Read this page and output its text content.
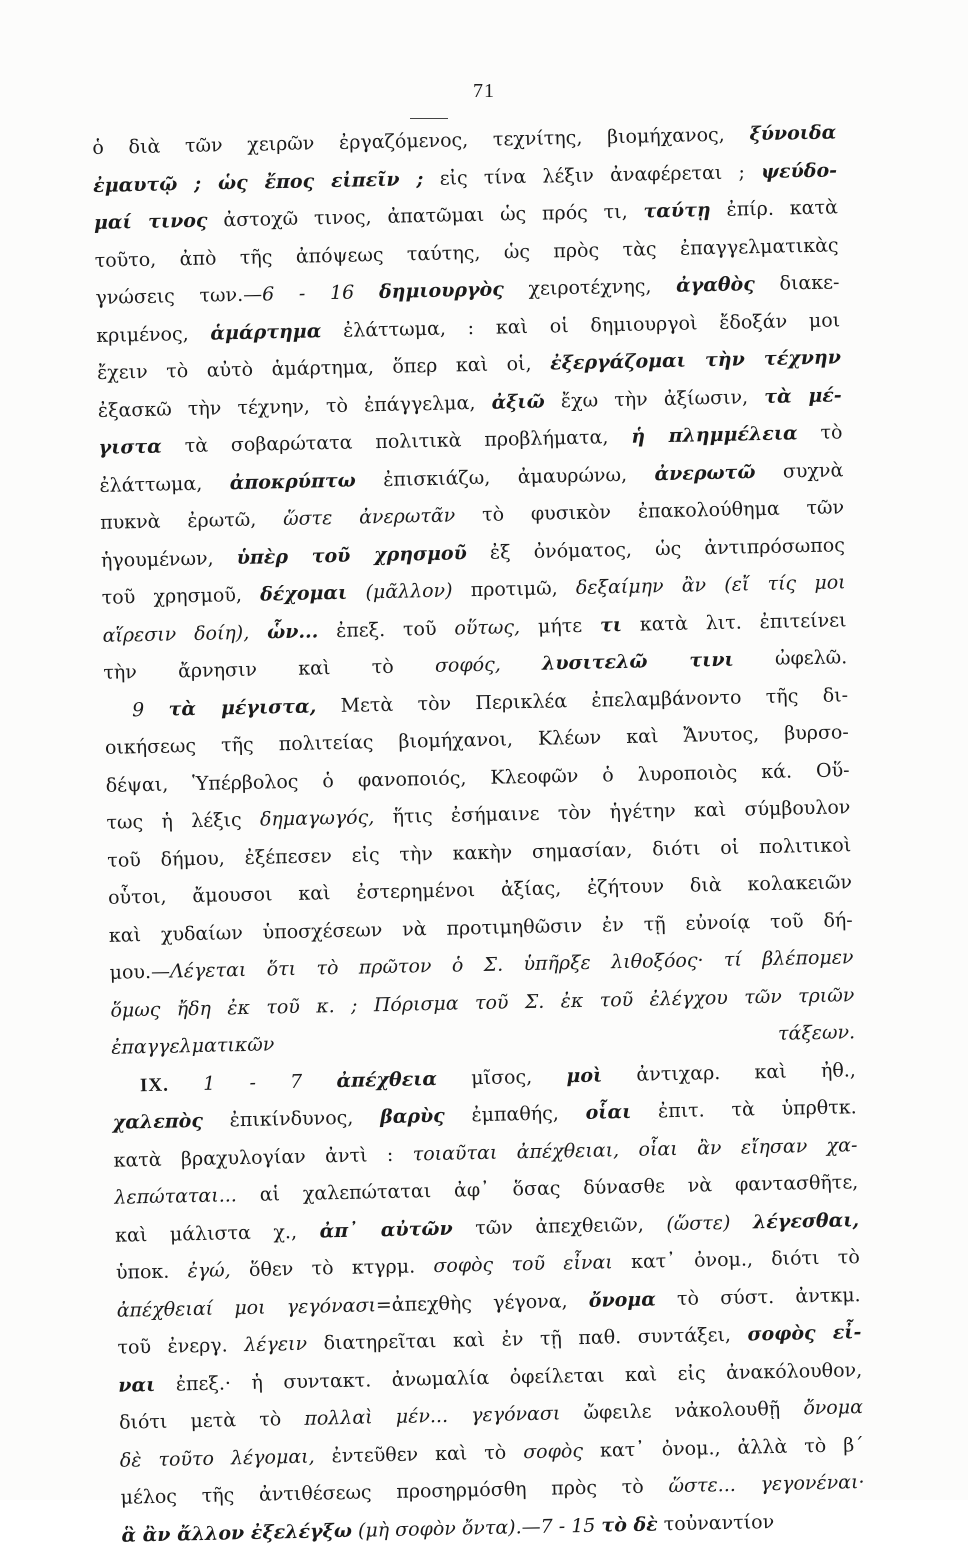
71
ὁ διὰ τῶν χειρῶν ἐργαζόμενος, τεχνίτης, βιομήχανος, ξύνοιδα
ἐμαυτῷ ; ὡς ἔπος εἰπεῖν ; εἰς τίνα λέξιν ἀναφέρεται ; ψεύδο-
μαί τινος ἀστοχῶ τινος, ἀπατῶμαι ὡς πρός τι, ταύτῃ ἐπίρ. κατὰ
τοῦτο, ἀπὸ τῆς ἀπόψεως ταύτης, ὡς πρὸς τὰς ἐπαγγελματικὰς
γνώσεις των.—6 - 16 δημιουργὸς χειροτέχνης, ἀγαθὸς διακε-
κριμένος, ἁμάρτημα ἐλάττωμα, : καὶ οἱ δημιουργοὶ ἔδοξάν μοι
ἔχειν τὸ αὐτὸ ἁμάρτημα, ὅπερ καὶ οἱ, ἐξεργάζομαι τὴν τέχνην
ἐξασκῶ τὴν τέχνην, τὸ ἐπάγγελμα, ἀξιῶ ἔχω τὴν ἀξίωσιν, τὰ μέ-
γιστα τὰ σοβαρώτατα πολιτικὰ προβλήματα, ἡ πλημμέλεια τὸ
ἐλάττωμα, ἀποκρύπτω ἐπισκιάζω, ἀμαυρώνω, ἀνερωτῶ συχνὰ
πυκνὰ ἐρωτῶ, ὥστε ἀνερωτᾶν τὸ φυσικὸν ἐπακολούθημα τῶν
ἡγουμένων, ὑπὲρ τοῦ χρησμοῦ ἐξ ὀνόματος, ὡς ἀντιπρόσωπος
τοῦ χρησμοῦ, δέχομαι (μᾶλλον) προτιμῶ, δεξαίμην ἂν (εἴ τίς μοι
αἵρεσιν δοίη), ὧν... ἐπεξ. τοῦ οὕτως, μήτε τι κατὰ λιτ. ἐπιτείνει
τὴν ἄρνησιν καὶ τὸ σοφός, λυσιτελῶ τινι ὠφελῶ.
9 τὰ μέγιστα, Μετὰ τὸν Περικλέα ἐπελαμβάνοντο τῆς δι-
οικήσεως τῆς πολιτείας βιομήχανοι, Κλέων καὶ Ἄνυτος, βυρσο-
δέψαι, Ὑπέρβολος ὁ φανοποιός, Κλεοφῶν ὁ λυροποιὸς κά. Οὕ-
τως ἡ λέξις δημαγωγός, ἥτις ἐσήμαινε τὸν ἡγέτην καὶ σύμβουλον
τοῦ δήμου, ἐξέπεσεν εἰς τὴν κακὴν σημασίαν, διότι οἱ πολιτικοὶ
οὗτοι, ἄμουσοι καὶ ἐστερημένοι ἀξίας, ἐζήτουν διὰ κολακειῶν
καὶ χυδαίων ὑποσχέσεων νὰ προτιμηθῶσιν ἐν τῇ εὐνοίᾳ τοῦ δή-
μου.—Λέγεται ὅτι τὸ πρῶτον ὁ Σ. ὑπῆρξε λιθοξόος· τί βλέπομεν
ὅμως ἤδη ἐκ τοῦ κ. ; Πόρισμα τοῦ Σ. ἐκ τοῦ ἐλέγχου τῶν τριῶν
ἐπαγγελματικῶν τάξεων.
ΙΧ. 1 - 7 ἀπέχθεια μῖσος, μοὶ ἀντιχαρ. καὶ ἠθ.,
χαλεπὸς ἐπικίνδυνος, βαρὺς ἐμπαθής, οἷαι ἐπιτ. τὰ ὑπρθτκ.
κατὰ βραχυλογίαν ἀντὶ : τοιαῦται ἀπέχθειαι, οἷαι ἂν εἴησαν χα-
λεπώταται... αἱ χαλεπώταται ἀφ᾽ ὅσας δύνασθε νὰ φαντασθῆτε,
καὶ μάλιστα χ., ἀπ᾽ αὐτῶν τῶν ἀπεχθειῶν, (ὥστε) λέγεσθαι,
ὑποκ. ἐγώ, ὅθεν τὸ κτγρμ. σοφὸς τοῦ εἶναι κατ᾽ ὀνομ., διότι τὸ
ἀπέχθειαί μοι γεγόνασι=ἀπεχθὴς γέγονα, ὄνομα τὸ σύστ. ἀντκμ.
τοῦ ἐνεργ. λέγειν διατηρεῖται καὶ ἐν τῇ παθ. συντάξει, σοφὸς εἶ-
ναι ἐπεξ.· ἡ συντακτ. ἀνωμαλία ὀφείλεται καὶ εἰς ἀνακόλουθον,
διότι μετὰ τὸ πολλαὶ μέν... γεγόνασι ὤφειλε νἀκολουθῇ ὄνομα
δὲ τοῦτο λέγομαι, ἐντεῦθεν καὶ τὸ σοφὸς κατ᾽ ὀνομ., ἀλλὰ τὸ β´
μέλος τῆς ἀντιθέσεως προσηρμόσθη πρὸς τὸ ὥστε... γεγονέναι·
ἃ ἂν ἄλλον ἐξελέγξω (μὴ σοφὸν ὄντα).—7 - 15 τὸ δὲ τοὐναντίον
